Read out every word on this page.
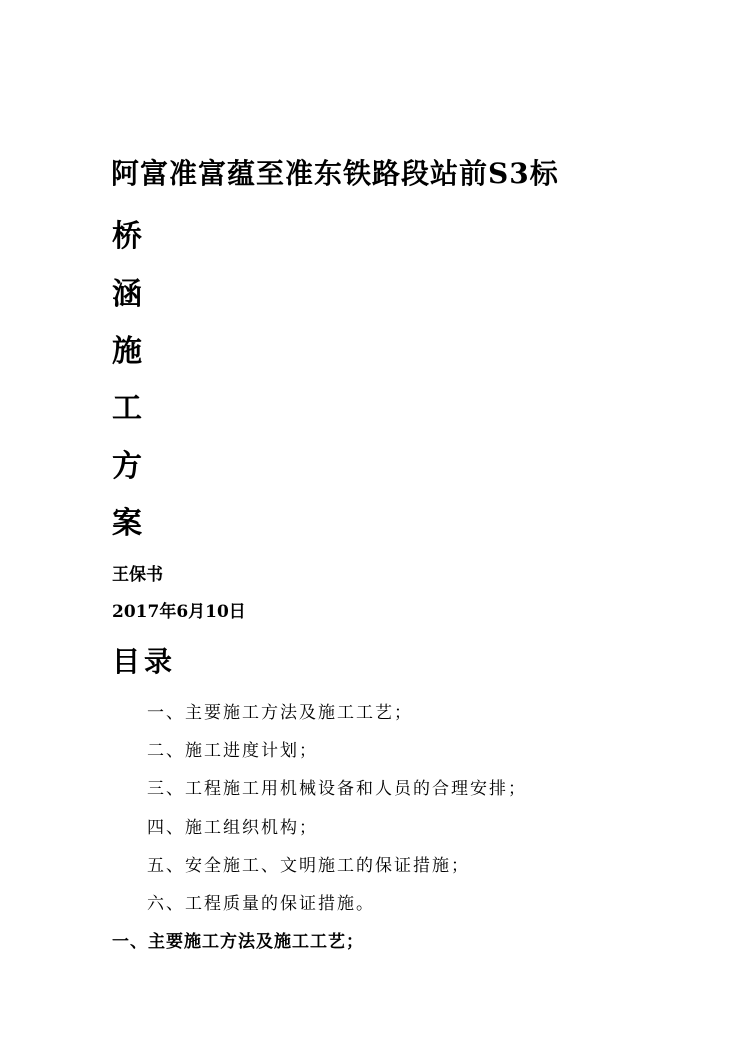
阿富准富蕴至准东铁路段站前S3标
桥
涵
施
工
方
案
王保书
2017年6月10日
目录
一、主要施工方法及施工工艺；
二、施工进度计划；
三、工程施工用机械设备和人员的合理安排；
四、施工组织机构；
五、安全施工、文明施工的保证措施；
六、工程质量的保证措施。
一、主要施工方法及施工工艺；
